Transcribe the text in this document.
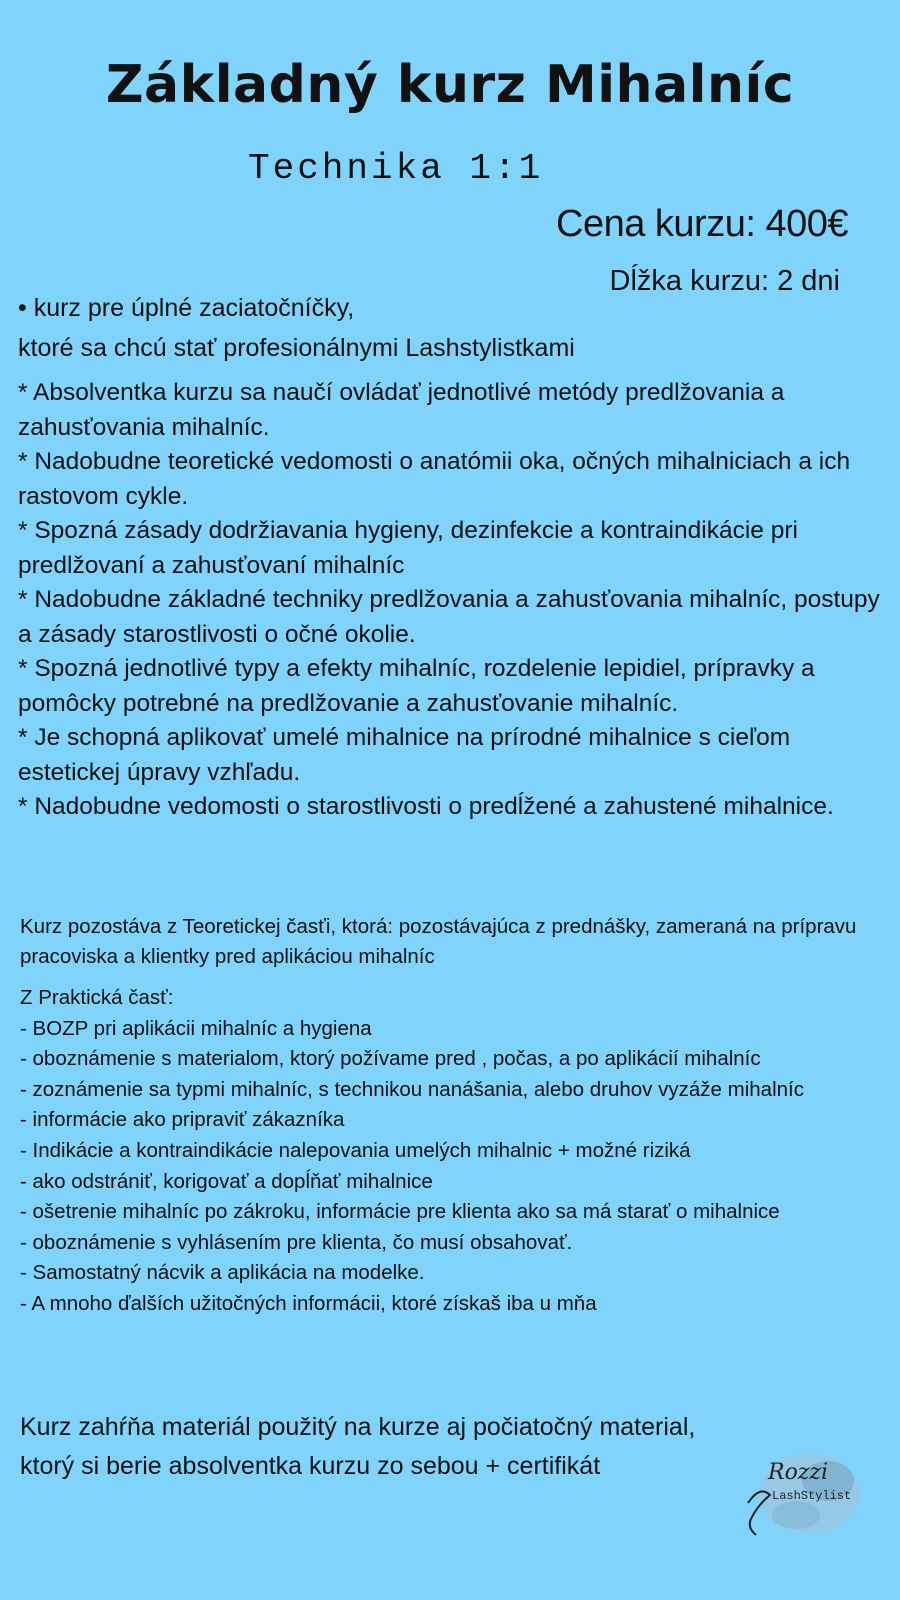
Základný kurz Mihalníc

Technika 1:1

Cena kurzu: 400€

Dĺžka kurzu: 2 dni

• kurz pre úplné zaciatočníčky,
ktoré sa chcú stať profesionálnymi Lashstylistkami
* Absolventka kurzu sa naučí ovládať jednotlivé metódy predlžovania a zahusťovania mihalníc.
* Nadobudne teoretické vedomosti o anatómii oka, očných mihalniciach a ich rastovom cykle.
* Spozná zásady dodržiavania hygieny, dezinfekcie a kontraindikácie pri predlžovaní a zahusťovaní mihalníc
* Nadobudne základné techniky predlžovania a zahusťovania mihalníc, postupy a zásady starostlivosti o očné okolie.
* Spozná jednotlivé typy a efekty mihalníc, rozdelenie lepidiel, prípravky a pomôcky potrebné na predlžovanie a zahusťovanie mihalníc.
* Je schopná aplikovať umelé mihalnice na prírodné mihalnice s cieľom estetickej úpravy vzhľadu.
* Nadobudne vedomosti o starostlivosti o predĺžené a zahustené mihalnice.

Kurz pozostáva z Teoretickej časťi, ktorá: pozostávajúca z prednášky, zameraná na prípravu pracoviska a klientky pred aplikáciou mihalníc

Z Praktická časť:
- BOZP pri aplikácii mihalníc a hygiena
- oboznámenie s materialom, ktorý požívame pred , počas, a po aplikácií mihalníc
- zoznámenie sa typmi mihalníc, s technikou nanášania, alebo druhov vyzáže mihalníc
- informácie ako pripraviť zákazníka
- Indikácie a kontraindikácie nalepovania umelých mihalnic + možné riziká
- ako odstrániť, korigovať a dopĺňať mihalnice
- ošetrenie mihalníc po zákroku, informácie pre klienta ako sa má starať o mihalnice
- oboznámenie s vyhlásením pre klienta, čo musí obsahovať.
- Samostatný nácvik a aplikácia na modelke.
- A mnoho ďalších užitočných informácii, ktoré získaš iba u mňa
Kurz zahŕňa materiál použitý na kurze aj počiatočný material,
ktorý si berie absolventka kurzu zo sebou + certifikát	Rozzi
LashStylist
